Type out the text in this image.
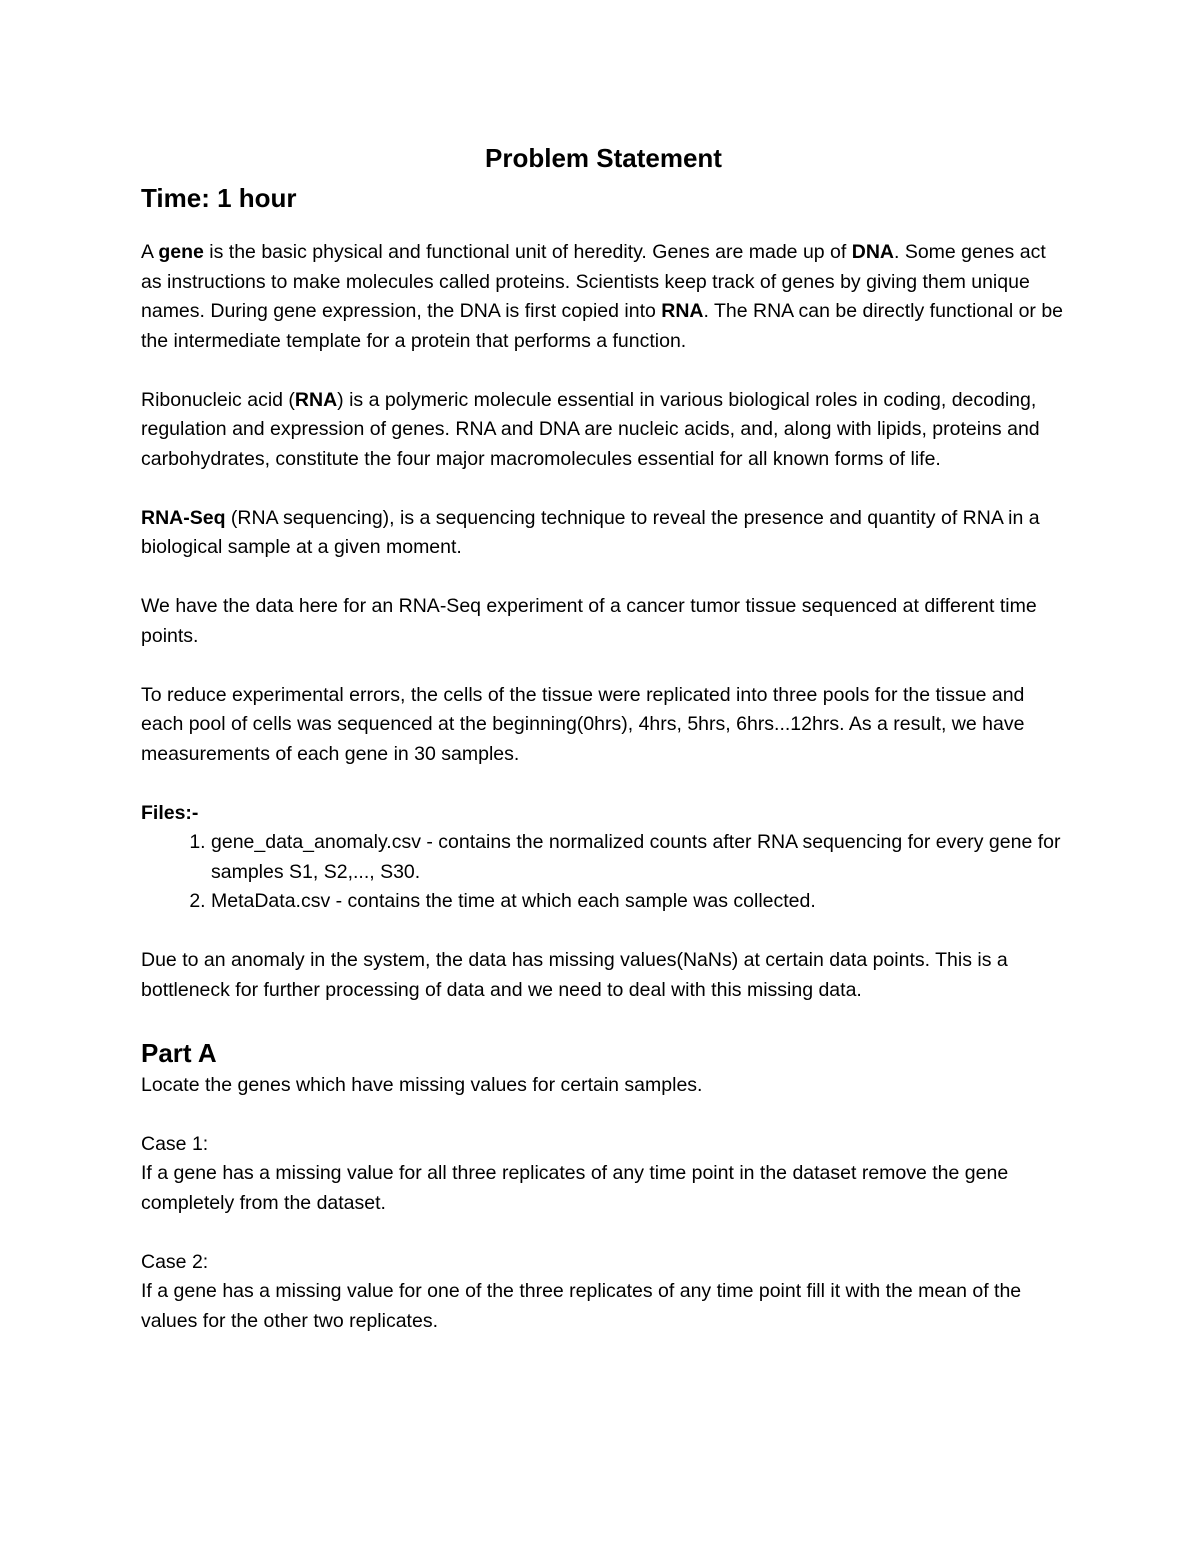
Problem Statement
Time: 1 hour

A gene is the basic physical and functional unit of heredity. Genes are made up of DNA. Some genes act as instructions to make molecules called proteins. Scientists keep track of genes by giving them unique names. During gene expression, the DNA is first copied into RNA. The RNA can be directly functional or be the intermediate template for a protein that performs a function.

Ribonucleic acid (RNA) is a polymeric molecule essential in various biological roles in coding, decoding, regulation and expression of genes. RNA and DNA are nucleic acids, and, along with lipids, proteins and carbohydrates, constitute the four major macromolecules essential for all known forms of life.

RNA-Seq (RNA sequencing), is a sequencing technique to reveal the presence and quantity of RNA in a biological sample at a given moment.

We have the data here for an RNA-Seq experiment of a cancer tumor tissue sequenced at different time points.

To reduce experimental errors, the cells of the tissue were replicated into three pools for the tissue and each pool of cells was sequenced at the beginning(0hrs), 4hrs, 5hrs, 6hrs...12hrs. As a result, we have measurements of each gene in 30 samples.

Files:-
1. gene_data_anomaly.csv - contains the normalized counts after RNA sequencing for every gene for samples S1, S2,..., S30.
2. MetaData.csv - contains the time at which each sample was collected.

Due to an anomaly in the system, the data has missing values(NaNs) at certain data points. This is a bottleneck for further processing of data and we need to deal with this missing data.

Part A

Locate the genes which have missing values for certain samples.

Case 1:

If a gene has a missing value for all three replicates of any time point in the dataset remove the gene completely from the dataset.

Case 2:

If a gene has a missing value for one of the three replicates of any time point fill it with the mean of the values for the other two replicates.
